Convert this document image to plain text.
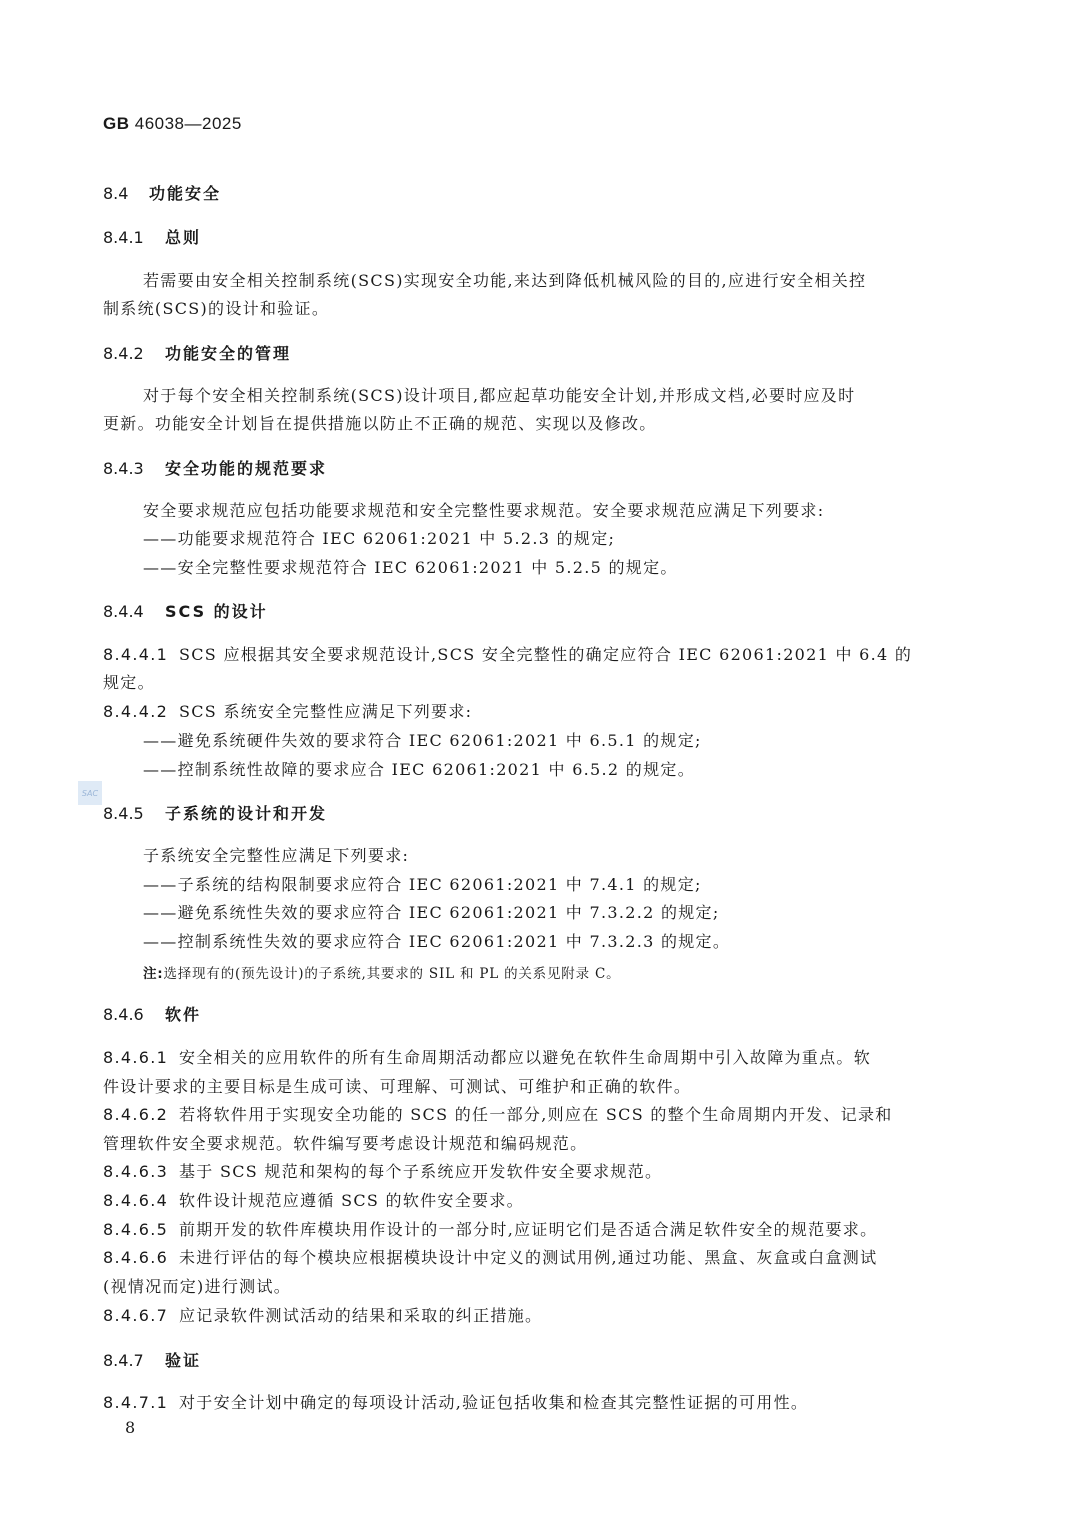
GB 46038—2025
SAC
8.4 功能安全
8.4.1 总则
若需要由安全相关控制系统(SCS)实现安全功能,来达到降低机械风险的目的,应进行安全相关控
制系统(SCS)的设计和验证。
8.4.2 功能安全的管理
对于每个安全相关控制系统(SCS)设计项目,都应起草功能安全计划,并形成文档,必要时应及时
更新。功能安全计划旨在提供措施以防止不正确的规范、实现以及修改。
8.4.3 安全功能的规范要求
安全要求规范应包括功能要求规范和安全完整性要求规范。安全要求规范应满足下列要求:
——功能要求规范符合 IEC 62061:2021 中 5.2.3 的规定;
——安全完整性要求规范符合 IEC 62061:2021 中 5.2.5 的规定。
8.4.4 SCS 的设计
8.4.4.1 SCS 应根据其安全要求规范设计,SCS 安全完整性的确定应符合 IEC 62061:2021 中 6.4 的
规定。
8.4.4.2 SCS 系统安全完整性应满足下列要求:
——避免系统硬件失效的要求符合 IEC 62061:2021 中 6.5.1 的规定;
——控制系统性故障的要求应合 IEC 62061:2021 中 6.5.2 的规定。
8.4.5 子系统的设计和开发
子系统安全完整性应满足下列要求:
——子系统的结构限制要求应符合 IEC 62061:2021 中 7.4.1 的规定;
——避免系统性失效的要求应符合 IEC 62061:2021 中 7.3.2.2 的规定;
——控制系统性失效的要求应符合 IEC 62061:2021 中 7.3.2.3 的规定。
注:选择现有的(预先设计)的子系统,其要求的 SIL 和 PL 的关系见附录 C。
8.4.6 软件
8.4.6.1 安全相关的应用软件的所有生命周期活动都应以避免在软件生命周期中引入故障为重点。软
件设计要求的主要目标是生成可读、可理解、可测试、可维护和正确的软件。
8.4.6.2 若将软件用于实现安全功能的 SCS 的任一部分,则应在 SCS 的整个生命周期内开发、记录和
管理软件安全要求规范。软件编写要考虑设计规范和编码规范。
8.4.6.3 基于 SCS 规范和架构的每个子系统应开发软件安全要求规范。
8.4.6.4 软件设计规范应遵循 SCS 的软件安全要求。
8.4.6.5 前期开发的软件库模块用作设计的一部分时,应证明它们是否适合满足软件安全的规范要求。
8.4.6.6 未进行评估的每个模块应根据模块设计中定义的测试用例,通过功能、黑盒、灰盒或白盒测试
(视情况而定)进行测试。
8.4.6.7 应记录软件测试活动的结果和采取的纠正措施。
8.4.7 验证
8.4.7.1 对于安全计划中确定的每项设计活动,验证包括收集和检查其完整性证据的可用性。
8
